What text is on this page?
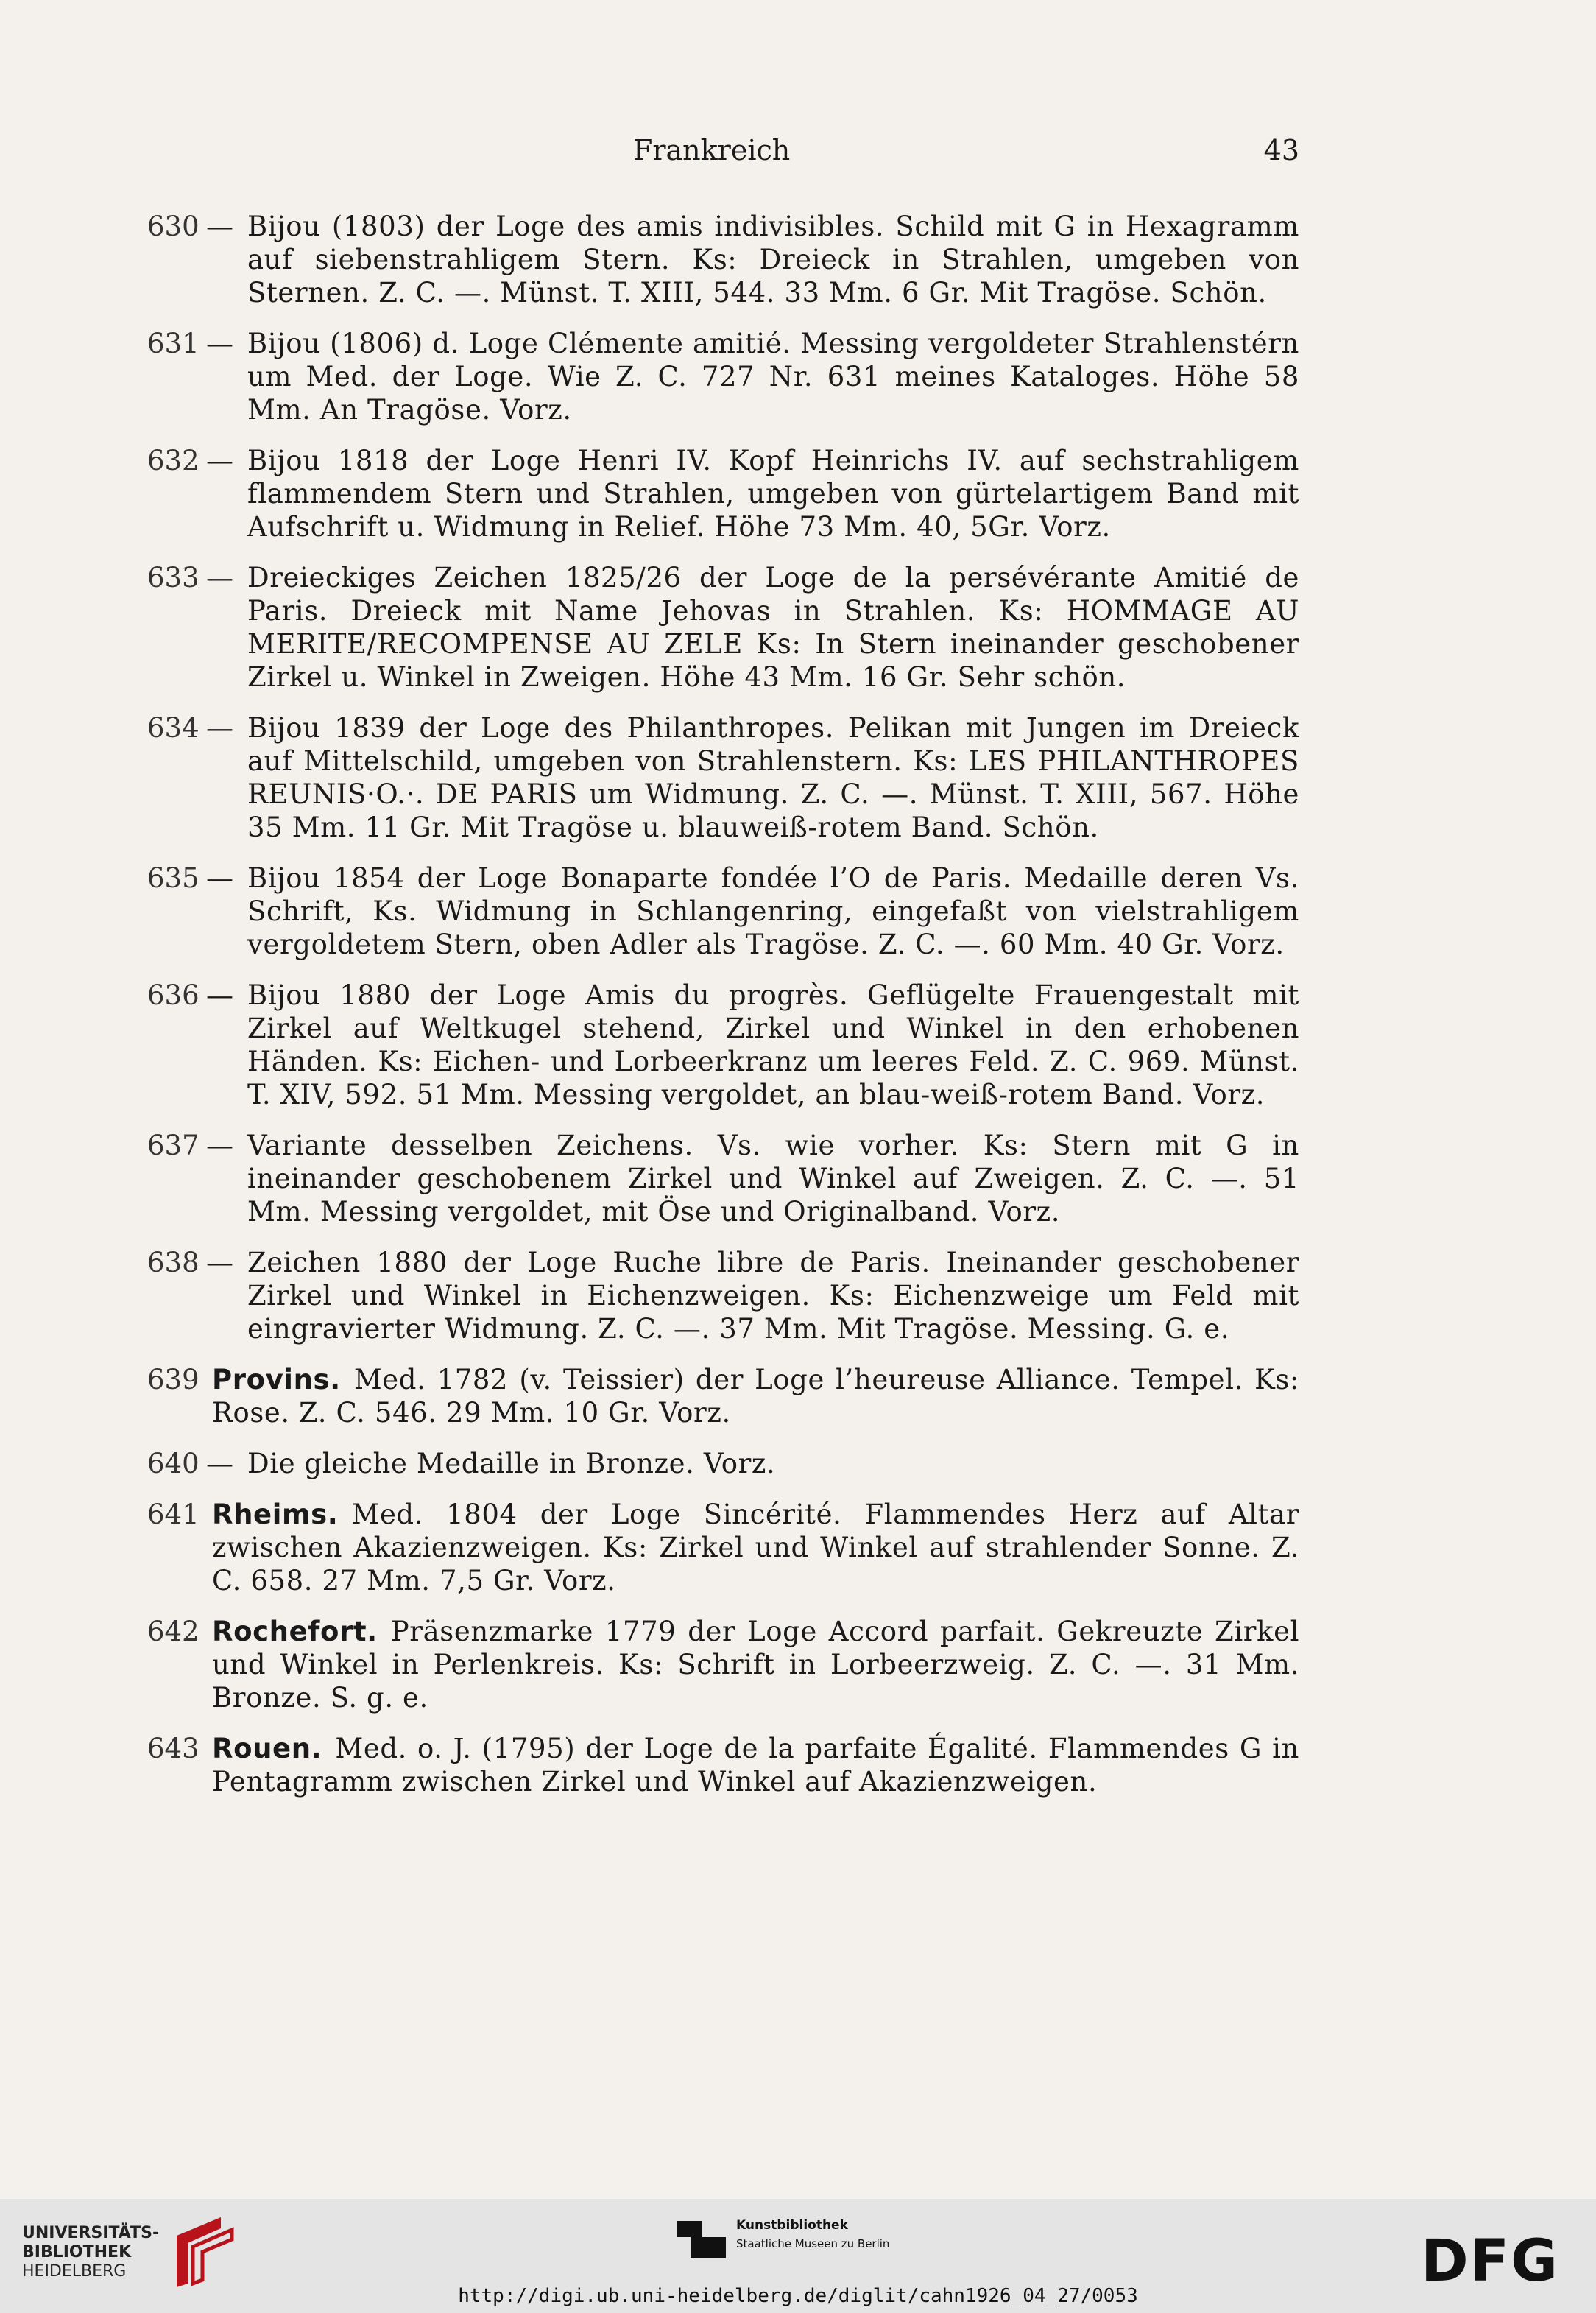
Frankreich	43
630 — Bijou (1803) der Loge des amis indivisibles. Schild mit G in Hexagramm auf siebenstrahligem Stern. Ks: Dreieck in Strahlen, umgeben von Sternen. Z. C. —. Münst. T. XIII, 544. 33 Mm. 6 Gr. Mit Tragöse. Schön.
631 — Bijou (1806) d. Loge Clémente amitié. Messing vergoldeter Strahlenstérn um Med. der Loge. Wie Z. C. 727 Nr. 631 meines Kataloges. Höhe 58 Mm. An Tragöse. Vorz.
632 — Bijou 1818 der Loge Henri IV. Kopf Heinrichs IV. auf sechstrahligem flammendem Stern und Strahlen, umgeben von gürtelartigem Band mit Aufschrift u. Widmung in Relief. Höhe 73 Mm. 40, 5Gr. Vorz.
633 — Dreieckiges Zeichen 1825/26 der Loge de la persévérante Amitié de Paris. Dreieck mit Name Jehovas in Strahlen. Ks: HOMMAGE AU MERITE/RECOMPENSE AU ZELE Ks: In Stern ineinander geschobener Zirkel u. Winkel in Zweigen. Höhe 43 Mm. 16 Gr. Sehr schön.
634 — Bijou 1839 der Loge des Philanthropes. Pelikan mit Jungen im Dreieck auf Mittelschild, umgeben von Strahlenstern. Ks: LES PHILANTHROPES REUNIS·O.·. DE PARIS um Widmung. Z. C. —. Münst. T. XIII, 567. Höhe 35 Mm. 11 Gr. Mit Tragöse u. blauweiß-rotem Band. Schön.
635 — Bijou 1854 der Loge Bonaparte fondée l’O de Paris. Medaille deren Vs. Schrift, Ks. Widmung in Schlangenring, eingefaßt von vielstrahligem vergoldetem Stern, oben Adler als Tragöse. Z. C. —. 60 Mm. 40 Gr. Vorz.
636 — Bijou 1880 der Loge Amis du progrès. Geflügelte Frauengestalt mit Zirkel auf Weltkugel stehend, Zirkel und Winkel in den erhobenen Händen. Ks: Eichen- und Lorbeerkranz um leeres Feld. Z. C. 969. Münst. T. XIV, 592. 51 Mm. Messing vergoldet, an blau-weiß-rotem Band. Vorz.
637 — Variante desselben Zeichens. Vs. wie vorher. Ks: Stern mit G in ineinander geschobenem Zirkel und Winkel auf Zweigen. Z. C. —. 51 Mm. Messing vergoldet, mit Öse und Originalband. Vorz.
638 — Zeichen 1880 der Loge Ruche libre de Paris. Ineinander geschobener Zirkel und Winkel in Eichenzweigen. Ks: Eichenzweige um Feld mit eingravierter Widmung. Z. C. —. 37 Mm. Mit Tragöse. Messing. G. e.
639 Provins. Med. 1782 (v. Teissier) der Loge l’heureuse Alliance. Tempel. Ks: Rose. Z. C. 546. 29 Mm. 10 Gr. Vorz.
640 — Die gleiche Medaille in Bronze. Vorz.
641 Rheims. Med. 1804 der Loge Sincérité. Flammendes Herz auf Altar zwischen Akazienzweigen. Ks: Zirkel und Winkel auf strahlender Sonne. Z. C. 658. 27 Mm. 7,5 Gr. Vorz.
642 Rochefort. Präsenzmarke 1779 der Loge Accord parfait. Gekreuzte Zirkel und Winkel in Perlenkreis. Ks: Schrift in Lorbeerzweig. Z. C. —. 31 Mm. Bronze. S. g. e.
643 Rouen. Med. o. J. (1795) der Loge de la parfaite Égalité. Flammendes G in Pentagramm zwischen Zirkel und Winkel auf Akazienzweigen.
UNIVERSITÄTS-
BIBLIOTHEK
HEIDELBERG
Kunstbibliothek
Staatliche Museen zu Berlin	DFG
http://digi.ub.uni-heidelberg.de/diglit/cahn1926_04_27/0053
